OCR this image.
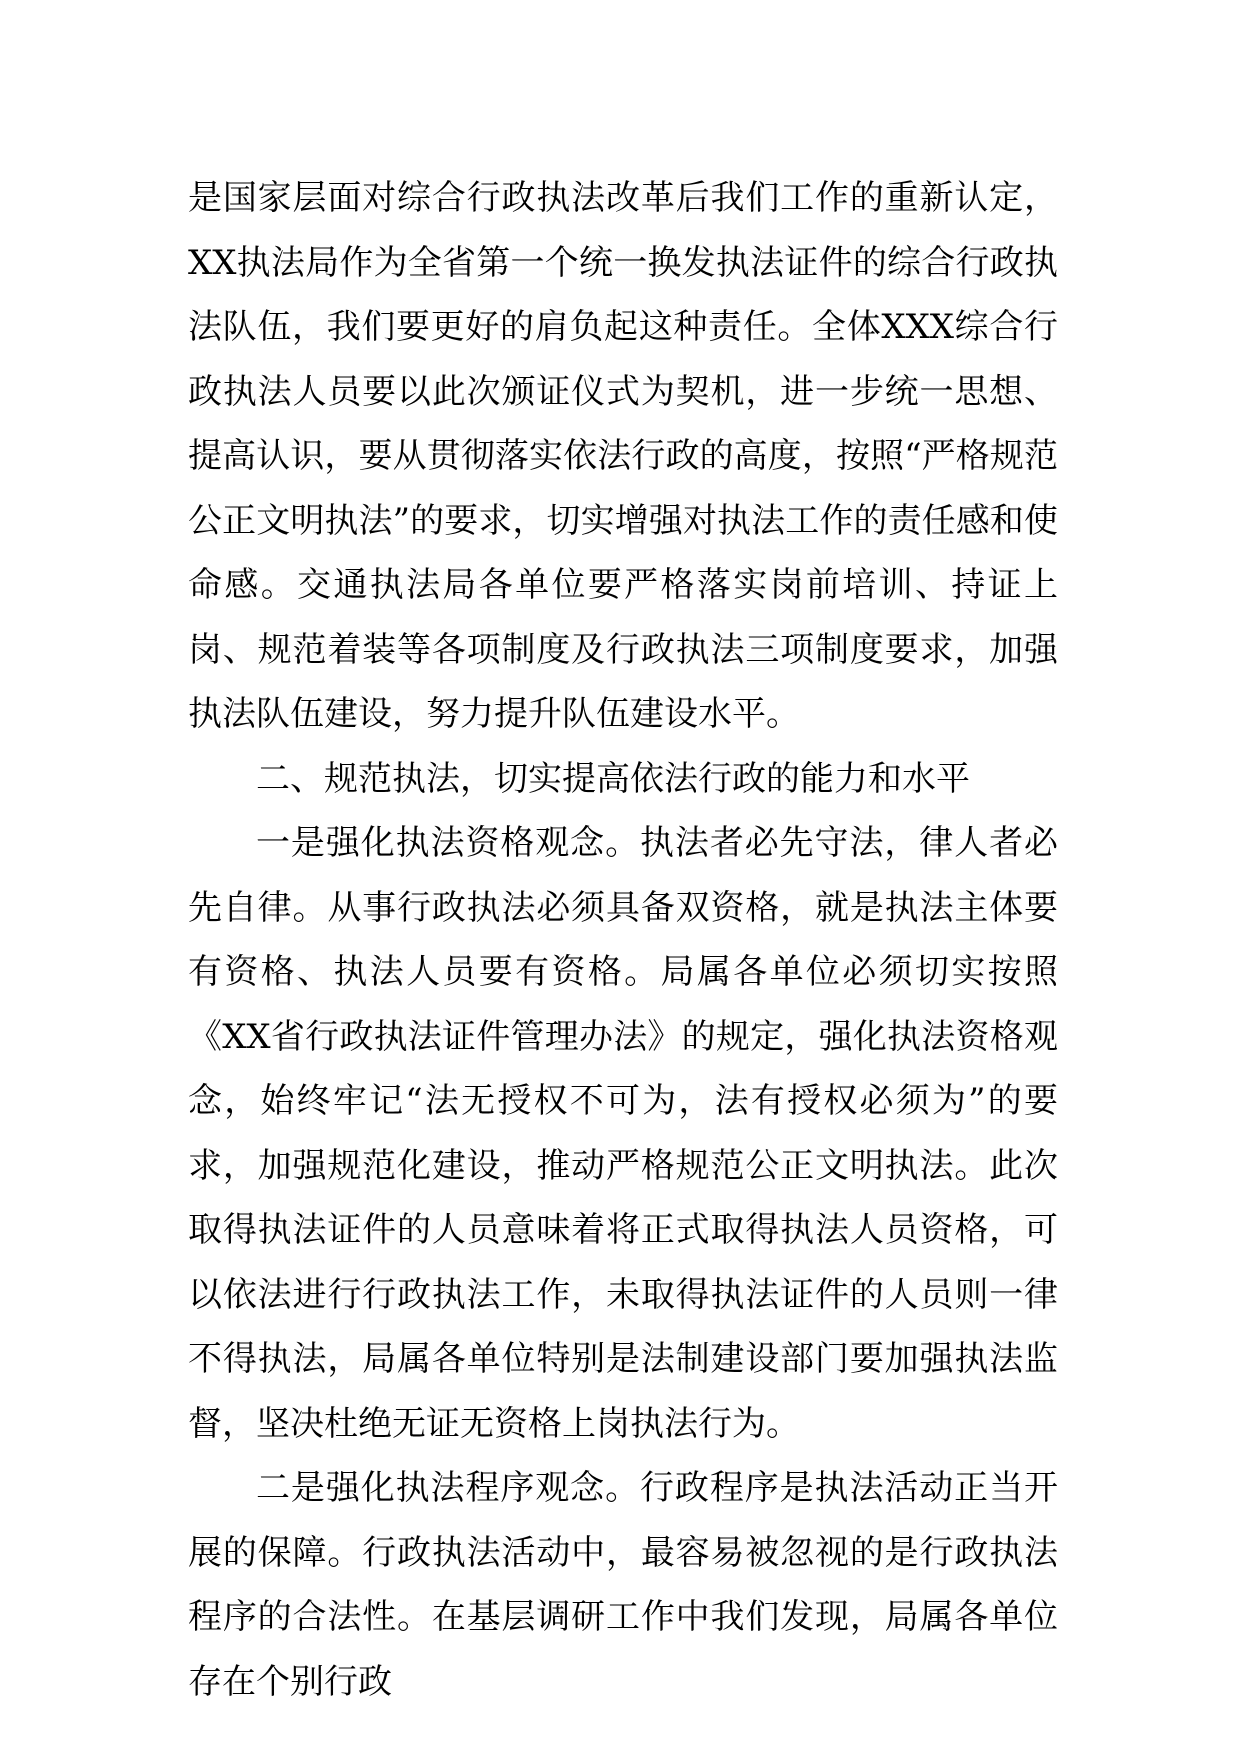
是国家层面对综合行政执法改革后我们工作的重新认定，XX执法局作为全省第一个统一换发执法证件的综合行政执法队伍，我们要更好的肩负起这种责任。全体XXX综合行政执法人员要以此次颁证仪式为契机，进一步统一思想、提高认识，要从贯彻落实依法行政的高度，按照“严格规范公正文明执法”的要求，切实增强对执法工作的责任感和使命感。交通执法局各单位要严格落实岗前培训、持证上岗、规范着装等各项制度及行政执法三项制度要求，加强执法队伍建设，努力提升队伍建设水平。

二、规范执法，切实提高依法行政的能力和水平

一是强化执法资格观念。执法者必先守法，律人者必先自律。从事行政执法必须具备双资格，就是执法主体要有资格、执法人员要有资格。局属各单位必须切实按照《XX省行政执法证件管理办法》的规定，强化执法资格观念，始终牢记“法无授权不可为，法有授权必须为”的要求，加强规范化建设，推动严格规范公正文明执法。此次取得执法证件的人员意味着将正式取得执法人员资格，可以依法进行行政执法工作，未取得执法证件的人员则一律不得执法，局属各单位特别是法制建设部门要加强执法监督，坚决杜绝无证无资格上岗执法行为。

二是强化执法程序观念。行政程序是执法活动正当开展的保障。行政执法活动中，最容易被忽视的是行政执法程序的合法性。在基层调研工作中我们发现，局属各单位存在个别行政
